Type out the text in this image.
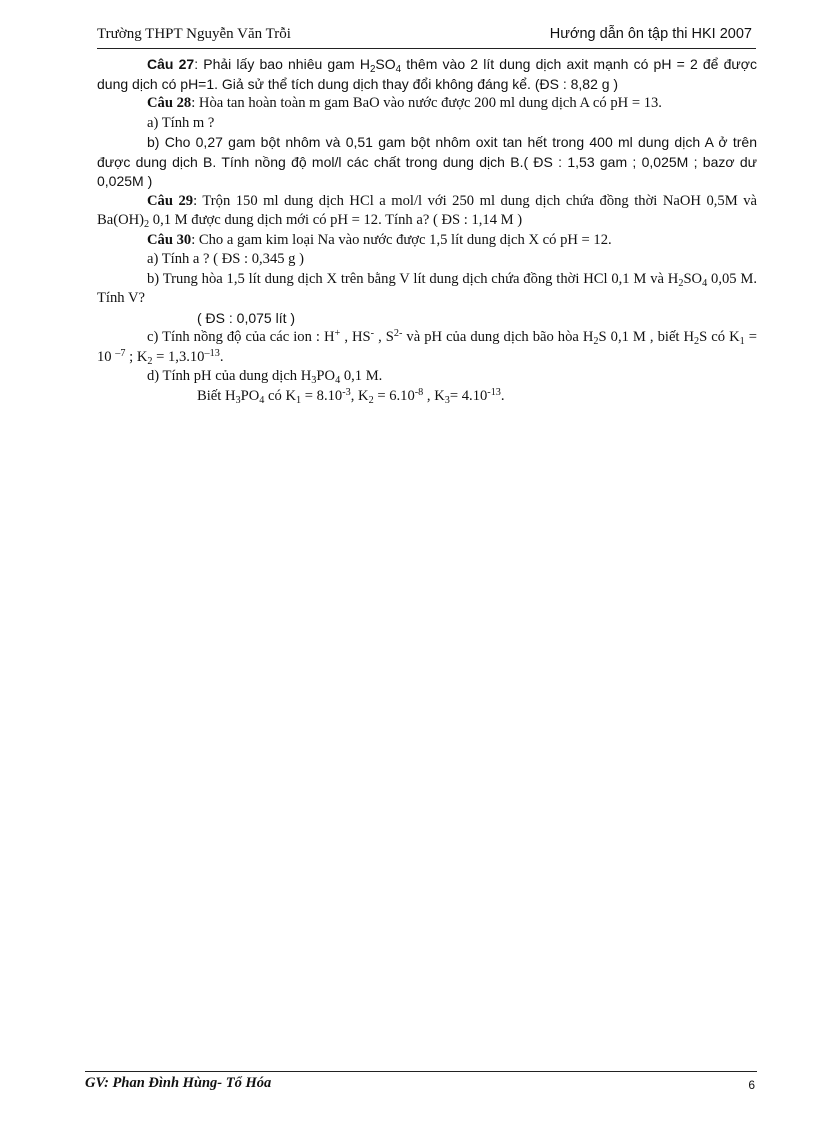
Trường THPT Nguyễn Văn Trỗi	Hướng dẫn ôn tập thi HKI 2007

Câu 27: Phải lấy bao nhiêu gam $H_2SO_4$ thêm vào 2 lít dung dịch axit mạnh có pH = 2 để được dung dịch có pH=1. Giả sử thể tích dung dịch thay đổi không đáng kể. (ĐS : 8,82 g )

Câu 28: Hòa tan hoàn toàn m gam BaO vào nước được 200 ml dung dịch A có pH = 13.

a) Tính m ?

b) Cho 0,27 gam bột nhôm và 0,51 gam bột nhôm oxit tan hết trong 400 ml dung dịch A ở trên được dung dịch B. Tính nồng độ mol/l các chất trong dung dịch B.( ĐS : 1,53 gam ; 0,025M ; bazơ dư 0,025M )

Câu 29: Trộn 150 ml dung dịch HCl a mol/l với 250 ml dung dịch chứa đồng thời NaOH 0,5M và $Ba(OH)_2$ 0,1 M được dung dịch mới có pH = 12. Tính a? ( ĐS : 1,14 M )

Câu 30: Cho a gam kim loại Na vào nước được 1,5 lít dung dịch X có pH = 12.

a) Tính a ? ( ĐS : 0,345 g )

b) Trung hòa 1,5 lít dung dịch X trên bằng V lít dung dịch chứa đồng thời HCl 0,1 M và $H_2SO_4$ 0,05 M. Tính V?

( ĐS : 0,075 lít )

c) Tính nồng độ của các ion : H+ , HS- , $S^{2-}$ và pH của dung dịch bão hòa $H_2S$ 0,1 M , biết $H_2S$ có $K_1 = 10$ $^{-7}$ ; $K_2 = 1,3.10^{-13}$.

d) Tính pH của dung dịch $H_3PO_4$ 0,1 M.

Biết $H_3PO_4$ có $K_1 = 8.10^{-3}$, $K_2 = 6.10^{-8}$ , $K_3= 4.10^{-13}$.

GV: Phan Đình Hùng- Tổ Hóa	6
